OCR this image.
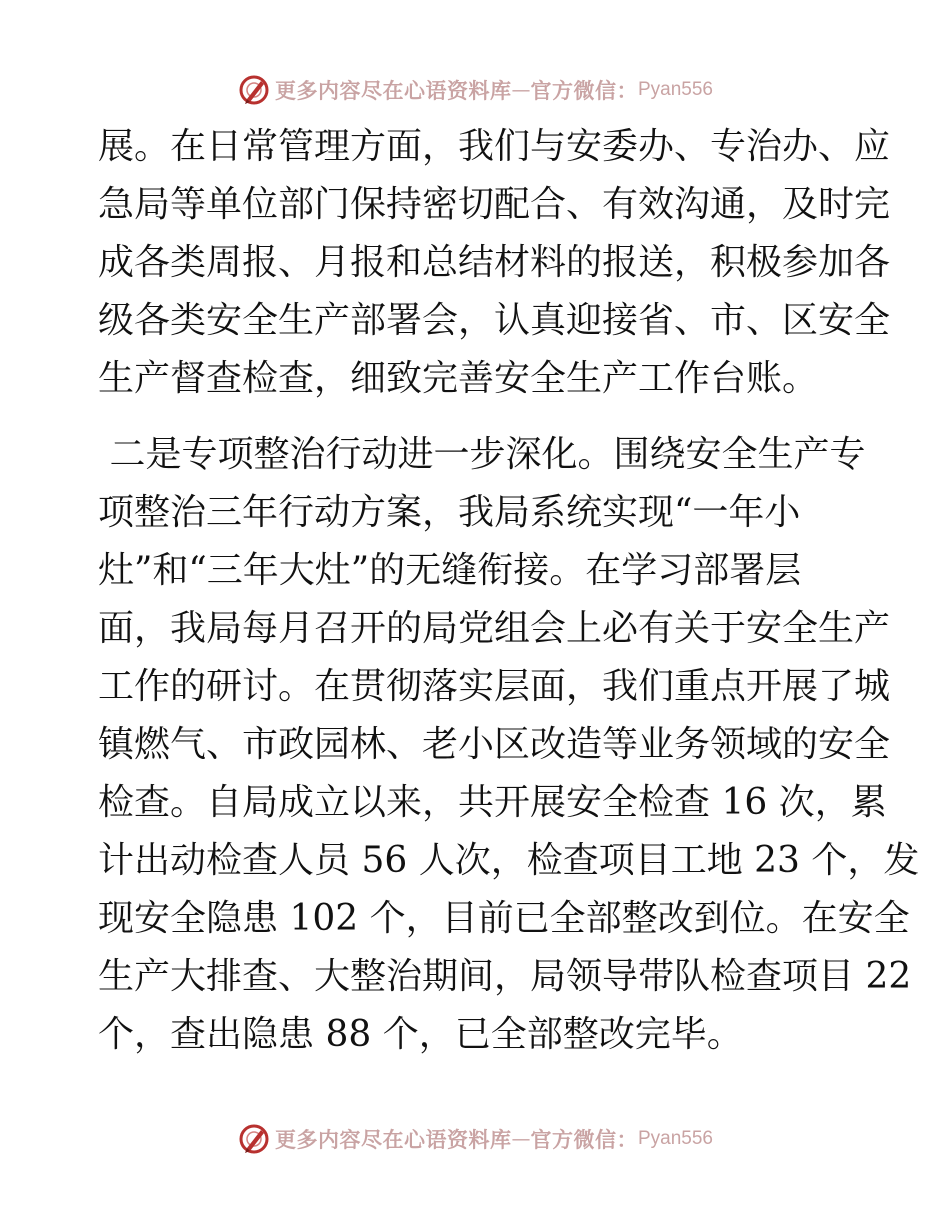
更多内容尽在心语资料库 — 官方微信： Pyan556

展。在日常管理方面，我们与安委办、专治办、应
急局等单位部门保持密切配合、有效沟通，及时完
成各类周报、月报和总结材料的报送，积极参加各
级各类安全生产部署会，认真迎接省、市、区安全
生产督查检查，细致完善安全生产工作台账。

二是专项整治行动进一步深化。围绕安全生产专
项整治三年行动方案，我局系统实现“一年小
灶”和“三年大灶”的无缝衔接。在学习部署层
面，我局每月召开的局党组会上必有关于安全生产
工作的研讨。在贯彻落实层面，我们重点开展了城
镇燃气、市政园林、老小区改造等业务领域的安全
检查。自局成立以来，共开展安全检查 16 次，累
计出动检查人员 56 人次，检查项目工地 23 个，发
现安全隐患 102 个，目前已全部整改到位。在安全
生产大排查、大整治期间，局领导带队检查项目 22
个，查出隐患 88 个，已全部整改完毕。

更多内容尽在心语资料库 — 官方微信： Pyan556
